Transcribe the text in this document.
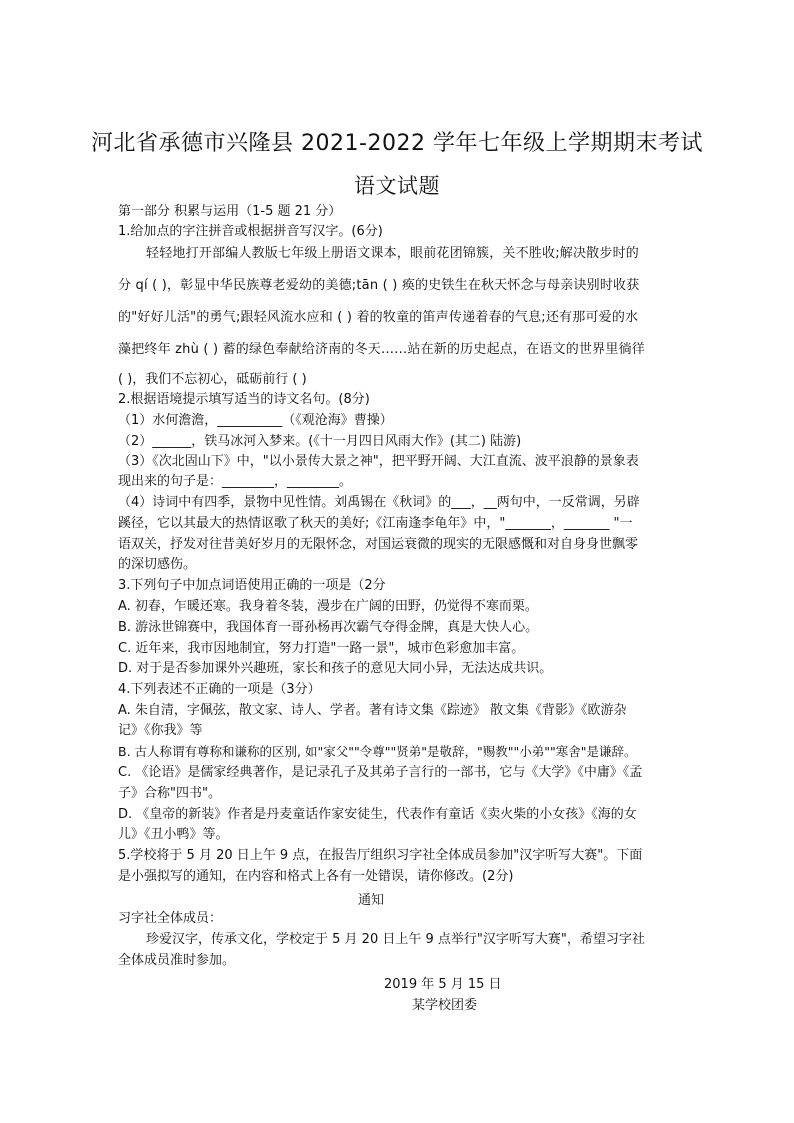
河北省承德市兴隆县 2021-2022 学年七年级上学期期末考试
语文试题
第一部分 积累与运用（1-5 题 21 分）
1.给加点的字注拼音或根据拼音写汉字。(6分)
轻轻地打开部编人教版七年级上册语文课本，眼前花团锦簇，关不胜收;解决散步时的
分 qí ( )，彰显中华民族尊老爱幼的美德;tān ( ) 痪的史铁生在秋天怀念与母亲诀别时收获
的"好好儿活"的勇气;跟轻风流水应和 ( ) 着的牧童的笛声传递着春的气息;还有那可爱的水
藻把终年 zhù ( ) 蓄的绿色奉献给济南的冬天……站在新的历史起点，在语文的世界里徜徉
( )，我们不忘初心，砥砺前行 ( )
2.根据语境提示填写适当的诗文名句。(8分)
（1）水何澹澹，__________（《观沧海》曹操）
（2）______，铁马冰河入梦来。(《十一月四日风雨大作》(其二) 陆游)
（3）《次北固山下》中，"以小景传大景之神"，把平野开阔、大江直流、波平浪静的景象表
现出来的句子是：________，________。
（4）诗词中有四季，景物中见性情。刘禹锡在《秋词》的___，__两句中，一反常调，另辟
蹊径，它以其最大的热情讴歌了秋天的美好;《江南逢李龟年》中，"_______，_______ "一
语双关，抒发对往昔美好岁月的无限怀念，对国运衰微的现实的无限感慨和对自身身世飘零
的深切感伤。
3.下列句子中加点词语使用正确的一项是（2分
A. 初春，乍暖还寒。我身着冬装，漫步在广阔的田野，仍觉得不寒而栗。
B. 游泳世锦赛中，我国体育一哥孙杨再次霸气夺得金牌，真是大快人心。
C. 近年来，我市因地制宜，努力打造"一路一景"，城市色彩愈加丰富。
D. 对于是否参加课外兴趣班，家长和孩子的意见大同小异，无法达成共识。
4.下列表述不正确的一项是（3分）
A. 朱自清，字佩弦，散文家、诗人、学者。著有诗文集《踪迹》 散文集《背影》《欧游杂
记》《你我》等
B. 古人称谓有尊称和谦称的区别, 如"家父""令尊""贤弟"是敬辞，"赐教""小弟""寒舍"是谦辞。
C. 《论语》是儒家经典著作，是记录孔子及其弟子言行的一部书，它与《大学》《中庸》《孟
子》合称"四书"。
D. 《皇帝的新装》作者是丹麦童话作家安徒生，代表作有童话《卖火柴的小女孩》《海的女
儿》《丑小鸭》等。
5.学校将于 5 月 20 日上午 9 点，在报告厅组织习字社全体成员参加"汉字听写大赛"。下面
是小强拟写的通知，在内容和格式上各有一处错误，请你修改。(2分)
通知
习字社全体成员：
珍爱汉字，传承文化，学校定于 5 月 20 日上午 9 点举行"汉字听写大赛"，希望习字社
全体成员准时参加。
2019 年 5 月 15 日
某学校团委
